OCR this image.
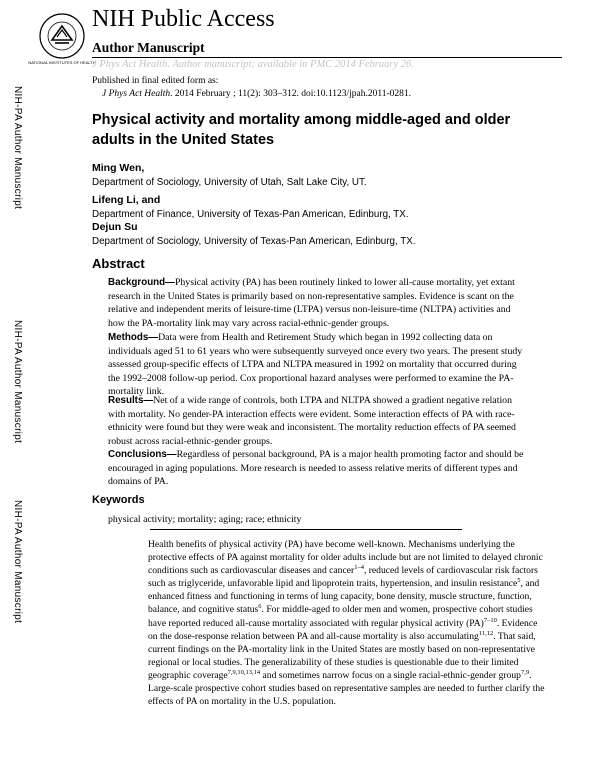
NATIONAL INSTITUTES OF HEALTH
NIH Public Access
Author Manuscript
J Phys Act Health. Author manuscript; available in PMC 2014 February 26.
NIH-PA Author Manuscript
NIH-PA Author Manuscript
NIH-PA Author Manuscript
Published in final edited form as:
J Phys Act Health. 2014 February ; 11(2): 303–312. doi:10.1123/jpah.2011-0281.
Physical activity and mortality among middle-aged and older adults in the United States
Ming Wen,
Department of Sociology, University of Utah, Salt Lake City, UT.
Lifeng Li, and
Department of Finance, University of Texas-Pan American, Edinburg, TX.
Dejun Su
Department of Sociology, University of Texas-Pan American, Edinburg, TX.
Abstract
Background—Physical activity (PA) has been routinely linked to lower all-cause mortality, yet extant research in the United States is primarily based on non-representative samples. Evidence is scant on the relative and independent merits of leisure-time (LTPA) versus non-leisure-time (NLTPA) activities and how the PA-mortality link may vary across racial-ethnic-gender groups.
Methods—Data were from Health and Retirement Study which began in 1992 collecting data on individuals aged 51 to 61 years who were subsequently surveyed once every two years. The present study assessed group-specific effects of LTPA and NLTPA measured in 1992 on mortality that occurred during the 1992–2008 follow-up period. Cox proportional hazard analyses were performed to examine the PA-mortality link.
Results—Net of a wide range of controls, both LTPA and NLTPA showed a gradient negative relation with mortality. No gender-PA interaction effects were evident. Some interaction effects of PA with race-ethnicity were found but they were weak and inconsistent. The mortality reduction effects of PA seemed robust across racial-ethnic-gender groups.
Conclusions—Regardless of personal background, PA is a major health promoting factor and should be encouraged in aging populations. More research is needed to assess relative merits of different types and domains of PA.
Keywords
physical activity; mortality; aging; race; ethnicity
Health benefits of physical activity (PA) have become well-known. Mechanisms underlying the protective effects of PA against mortality for older adults include but are not limited to delayed chronic conditions such as cardiovascular diseases and cancer$^{1-4}$, reduced levels of cardiovascular risk factors such as triglyceride, unfavorable lipid and lipoprotein traits, hypertension, and insulin resistance$^5$, and enhanced fitness and functioning in terms of lung capacity, bone density, muscle structure, function, balance, and cognitive status$^6$. For middle-aged to older men and women, prospective cohort studies have reported reduced all-cause mortality associated with regular physical activity (PA)$^{7-10}$. Evidence on the dose-response relation between PA and all-cause mortality is also accumulating$^{11,12}$. That said, current findings on the PA-mortality link in the United States are mostly based on non-representative regional or local studies. The generalizability of these studies is questionable due to their limited geographic coverage$^{7,9,10,13,14}$ and sometimes narrow focus on a single racial-ethnic-gender group$^{7,9}$. Large-scale prospective cohort studies based on representative samples are needed to further clarify the effects of PA on mortality in the U.S. population.
